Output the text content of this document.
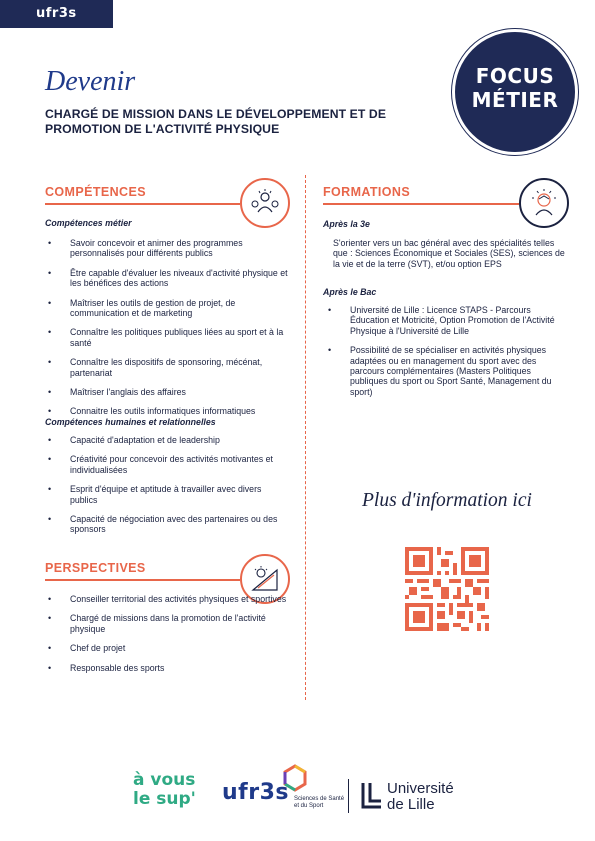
ufr3s
Devenir
CHARGÉ DE MISSION DANS LE DÉVELOPPEMENT ET DE PROMOTION DE L'ACTIVITÉ PHYSIQUE
FOCUS
MÉTIER
COMPÉTENCES
Compétences métier
• Savoir concevoir et animer des programmes personnalisés pour différents publics
• Être capable d'évaluer les niveaux d'activité physique et les bénéfices des actions
• Maîtriser les outils de gestion de projet, de communication et de marketing
• Connaître les politiques publiques liées au sport et à la santé
• Connaître les dispositifs de sponsoring, mécénat, partenariat
• Maîtriser l'anglais des affaires
• Connaitre les outils informatiques informatiques
Compétences humaines et relationnelles
• Capacité d'adaptation et de leadership
• Créativité pour concevoir des activités motivantes et individualisées
• Esprit d'équipe et aptitude à travailler avec divers publics
• Capacité de négociation avec des partenaires ou des sponsors
PERSPECTIVES
• Conseiller territorial des activités physiques et sportives
• Chargé de missions dans la promotion de l'activité physique
• Chef de projet
• Responsable des sports
FORMATIONS
Après la 3e
S'orienter vers un bac général avec des spécialités telles que : Sciences Économique et Sociales (SES), sciences de la vie et de la terre (SVT), et/ou option EPS
Après le Bac
• Université de Lille : Licence STAPS - Parcours Éducation et Motricité, Option Promotion de l'Activité Physique à l'Université de Lille
• Possibilité de se spécialiser en activités physiques adaptées ou en management du sport avec des parcours complémentaires (Masters Politiques publiques du sport ou Sport Santé, Management du sport)
Plus d'information ici
à vous
le sup' ufr3s Sciences de Santé
et du Sport
Université
de Lille
